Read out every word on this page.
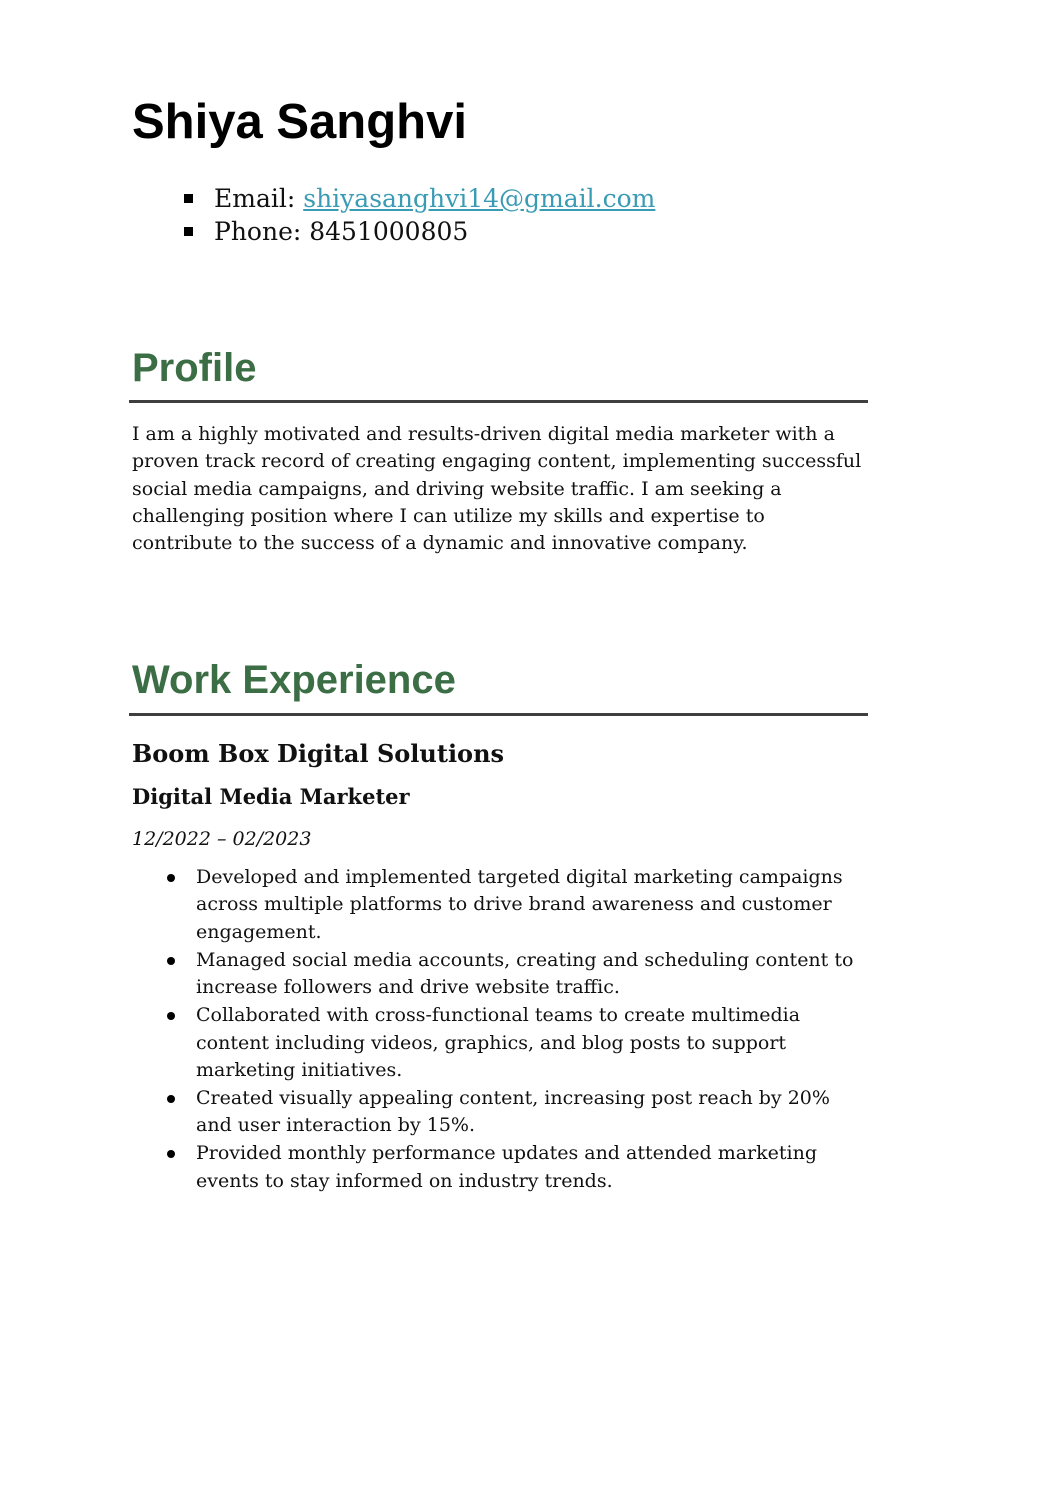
Shiya Sanghvi
Email: shiyasanghvi14@gmail.com
Phone: 8451000805
Profile

I am a highly motivated and results-driven digital media marketer with a proven track record of creating engaging content, implementing successful social media campaigns, and driving website traffic. I am seeking a challenging position where I can utilize my skills and expertise to contribute to the success of a dynamic and innovative company.

Work Experience
Boom Box Digital Solutions
Digital Media Marketer

12/2022 – 02/2023

Developed and implemented targeted digital marketing campaigns across multiple platforms to drive brand awareness and customer engagement.
Managed social media accounts, creating and scheduling content to increase followers and drive website traffic.
Collaborated with cross-functional teams to create multimedia content including videos, graphics, and blog posts to support marketing initiatives.
Created visually appealing content, increasing post reach by 20% and user interaction by 15%.
Provided monthly performance updates and attended marketing events to stay informed on industry trends.
